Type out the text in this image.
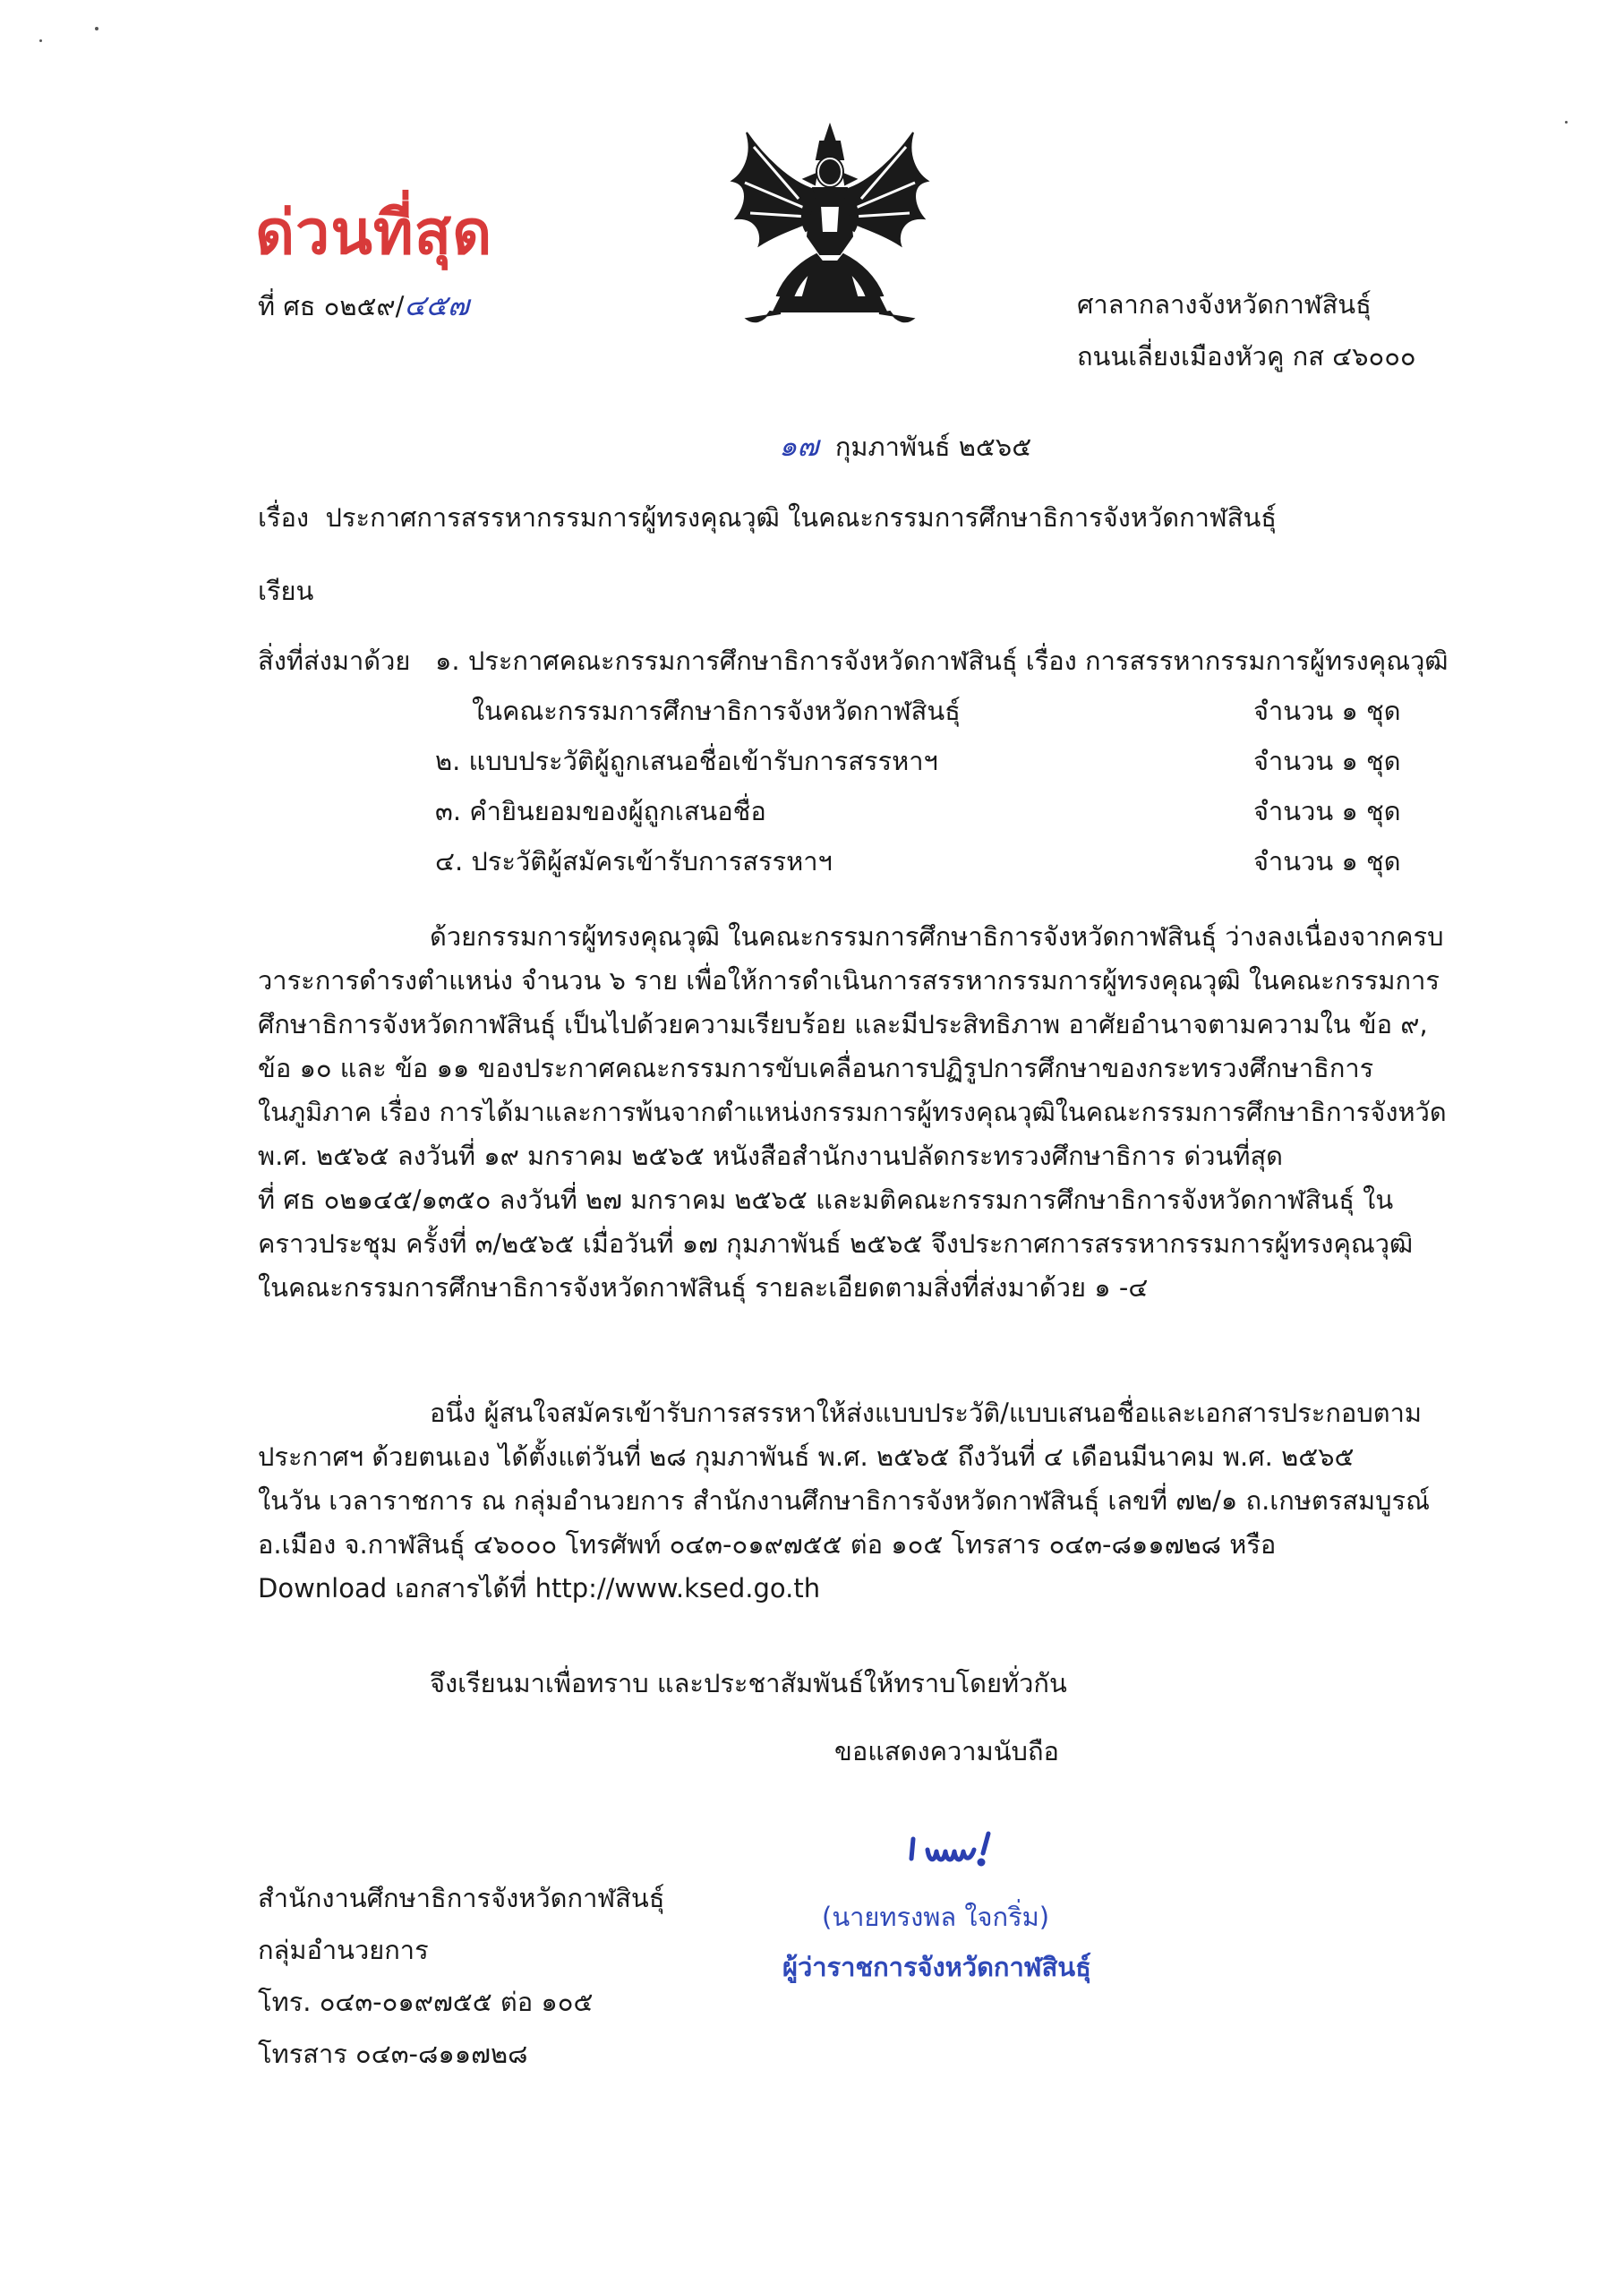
ด่วนที่สุด
ที่ ศธ ๐๒๕๙/๔๕๗	ศาลากลางจังหวัดกาฬสินธุ์
ถนนเลี่ยงเมืองหัวคู กส ๔๖๐๐๐
๑๗ กุมภาพันธ์ ๒๕๖๕
เรื่อง ประกาศการสรรหากรรมการผู้ทรงคุณวุฒิ ในคณะกรรมการศึกษาธิการจังหวัดกาฬสินธุ์
เรียน
สิ่งที่ส่งมาด้วย ๑. ประกาศคณะกรรมการศึกษาธิการจังหวัดกาฬสินธุ์ เรื่อง การสรรหากรรมการผู้ทรงคุณวุฒิ
ในคณะกรรมการศึกษาธิการจังหวัดกาฬสินธุ์	จำนวน ๑ ชุด
๒. แบบประวัติผู้ถูกเสนอชื่อเข้ารับการสรรหาฯ	จำนวน ๑ ชุด
๓. คำยินยอมของผู้ถูกเสนอชื่อ	จำนวน ๑ ชุด
๔. ประวัติผู้สมัครเข้ารับการสรรหาฯ	จำนวน ๑ ชุด
ด้วยกรรมการผู้ทรงคุณวุฒิ ในคณะกรรมการศึกษาธิการจังหวัดกาฬสินธุ์ ว่างลงเนื่องจากครบ
วาระการดำรงตำแหน่ง จำนวน ๖ ราย เพื่อให้การดำเนินการสรรหากรรมการผู้ทรงคุณวุฒิ ในคณะกรรมการ
ศึกษาธิการจังหวัดกาฬสินธุ์ เป็นไปด้วยความเรียบร้อย และมีประสิทธิภาพ อาศัยอำนาจตามความใน ข้อ ๙,
ข้อ ๑๐ และ ข้อ ๑๑ ของประกาศคณะกรรมการขับเคลื่อนการปฏิรูปการศึกษาของกระทรวงศึกษาธิการ
ในภูมิภาค เรื่อง การได้มาและการพ้นจากตำแหน่งกรรมการผู้ทรงคุณวุฒิในคณะกรรมการศึกษาธิการจังหวัด
พ.ศ. ๒๕๖๕ ลงวันที่ ๑๙ มกราคม ๒๕๖๕ หนังสือสำนักงานปลัดกระทรวงศึกษาธิการ ด่วนที่สุด
ที่ ศธ ๐๒๑๔๕/๑๓๕๐ ลงวันที่ ๒๗ มกราคม ๒๕๖๕ และมติคณะกรรมการศึกษาธิการจังหวัดกาฬสินธุ์ ใน
คราวประชุม ครั้งที่ ๓/๒๕๖๕ เมื่อวันที่ ๑๗ กุมภาพันธ์ ๒๕๖๕ จึงประกาศการสรรหากรรมการผู้ทรงคุณวุฒิ
ในคณะกรรมการศึกษาธิการจังหวัดกาฬสินธุ์ รายละเอียดตามสิ่งที่ส่งมาด้วย ๑ -๔
อนึ่ง ผู้สนใจสมัครเข้ารับการสรรหาให้ส่งแบบประวัติ/แบบเสนอชื่อและเอกสารประกอบตาม
ประกาศฯ ด้วยตนเอง ได้ตั้งแต่วันที่ ๒๘ กุมภาพันธ์ พ.ศ. ๒๕๖๕ ถึงวันที่ ๔ เดือนมีนาคม พ.ศ. ๒๕๖๕
ในวัน เวลาราชการ ณ กลุ่มอำนวยการ สำนักงานศึกษาธิการจังหวัดกาฬสินธุ์ เลขที่ ๗๒/๑ ถ.เกษตรสมบูรณ์
อ.เมือง จ.กาฬสินธุ์ ๔๖๐๐๐ โทรศัพท์ ๐๔๓-๐๑๙๗๕๕ ต่อ ๑๐๕ โทรสาร ๐๔๓-๘๑๑๗๒๘ หรือ
Download เอกสารได้ที่ http://www.ksed.go.th
จึงเรียนมาเพื่อทราบ และประชาสัมพันธ์ให้ทราบโดยทั่วกัน
ขอแสดงความนับถือ
(นายทรงพล ใจกริ่ม)
ผู้ว่าราชการจังหวัดกาฬสินธุ์
สำนักงานศึกษาธิการจังหวัดกาฬสินธุ์
กลุ่มอำนวยการ
โทร. ๐๔๓-๐๑๙๗๕๕ ต่อ ๑๐๕
โทรสาร ๐๔๓-๘๑๑๗๒๘
